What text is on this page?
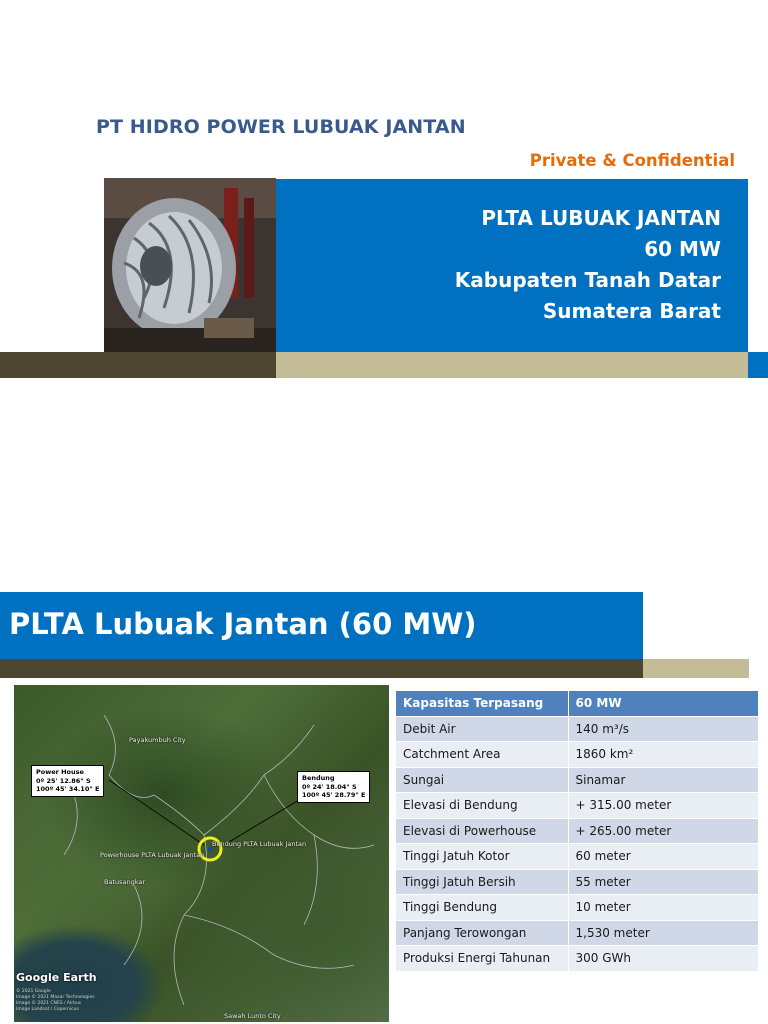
PT HIDRO POWER LUBUAK JANTAN
Private & Confidential
PLTA LUBUAK JANTAN
60 MW
Kabupaten Tanah Datar
Sumatera Barat
PLTA Lubuak Jantan (60 MW)
Payakumbuh City
Powerhouse PLTA Lubuak Jantan
Bendung PLTA Lubuak Jantan
Batusangkar
Sawah Lunto City
Power House
0º 25' 12.86" S
100º 45' 34.10" E
Bendung
0º 24' 18.04" S
100º 45' 28.79" E
Google Earth
© 2021 Google
Image © 2021 Maxar Technologies
Image © 2021 CNES / Airbus
Image Landsat / Copernicus
Kapasitas Terpasang	60 MW
Debit Air	140 m³/s
Catchment Area	1860 km²
Sungai	Sinamar
Elevasi di Bendung	+ 315.00 meter
Elevasi di Powerhouse	+ 265.00 meter
Tinggi Jatuh Kotor	60 meter
Tinggi Jatuh Bersih	55 meter
Tinggi Bendung	10 meter
Panjang Terowongan	1,530 meter
Produksi Energi Tahunan	300 GWh
